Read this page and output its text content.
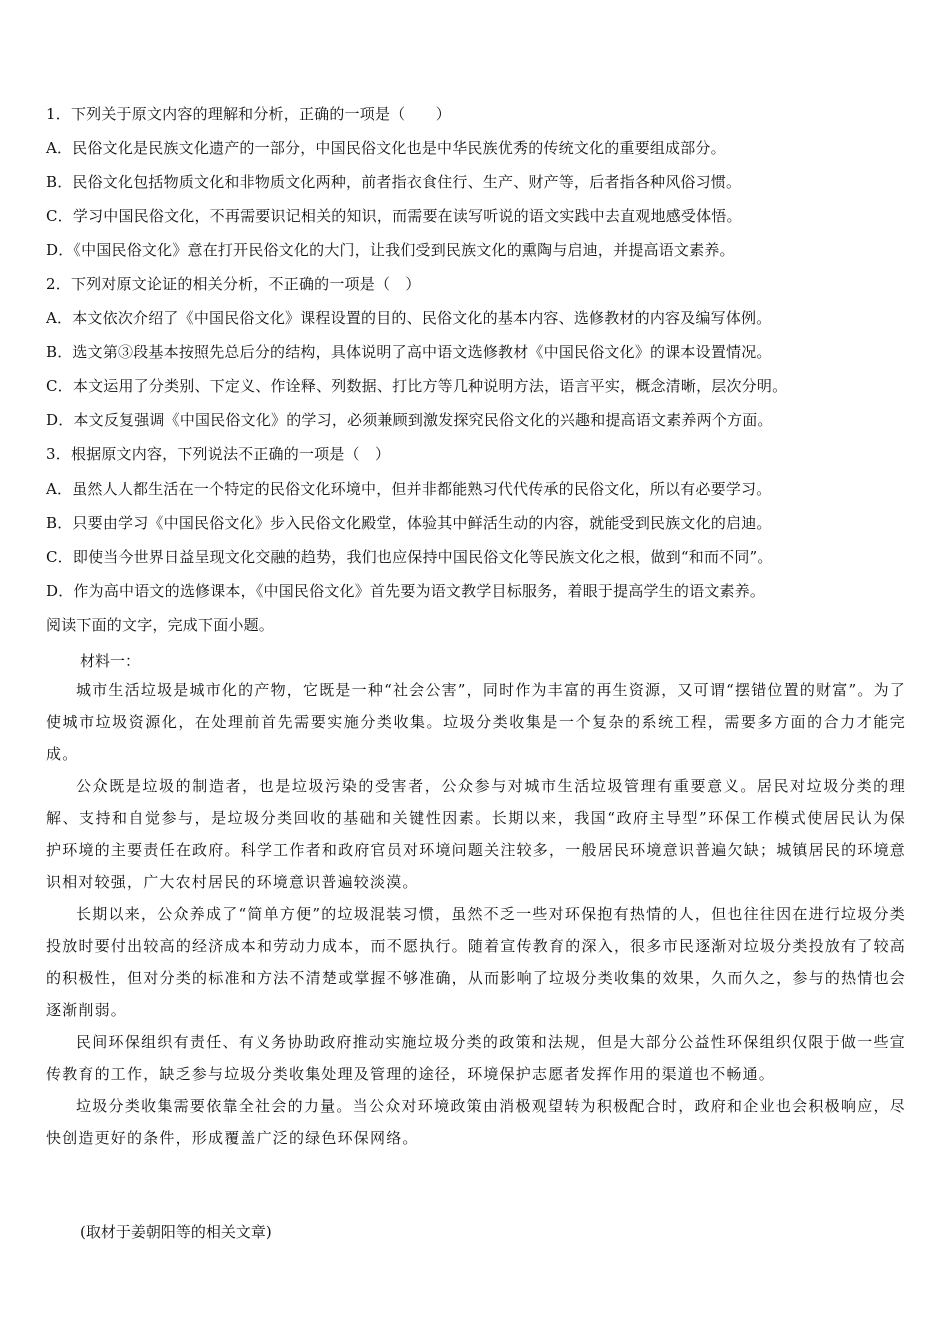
1．下列关于原文内容的理解和分析，正确的一项是（　　）
A．民俗文化是民族文化遗产的一部分，中国民俗文化也是中华民族优秀的传统文化的重要组成部分。
B．民俗文化包括物质文化和非物质文化两种，前者指衣食住行、生产、财产等，后者指各种风俗习惯。
C．学习中国民俗文化，不再需要识记相关的知识，而需要在读写听说的语文实践中去直观地感受体悟。
D．《中国民俗文化》意在打开民俗文化的大门，让我们受到民族文化的熏陶与启迪，并提高语文素养。
2．下列对原文论证的相关分析，不正确的一项是（　）
A．本文依次介绍了《中国民俗文化》课程设置的目的、民俗文化的基本内容、选修教材的内容及编写体例。
B．选文第③段基本按照先总后分的结构，具体说明了高中语文选修教材《中国民俗文化》的课本设置情况。
C．本文运用了分类别、下定义、作诠释、列数据、打比方等几种说明方法，语言平实，概念清晰，层次分明。
D．本文反复强调《中国民俗文化》的学习，必须兼顾到激发探究民俗文化的兴趣和提高语文素养两个方面。
3．根据原文内容，下列说法不正确的一项是（　）
A．虽然人人都生活在一个特定的民俗文化环境中，但并非都能熟习代代传承的民俗文化，所以有必要学习。
B．只要由学习《中国民俗文化》步入民俗文化殿堂，体验其中鲜活生动的内容，就能受到民族文化的启迪。
C．即使当今世界日益呈现文化交融的趋势，我们也应保持中国民俗文化等民族文化之根，做到“和而不同”。
D．作为高中语文的选修课本，《中国民俗文化》首先要为语文教学目标服务，着眼于提高学生的语文素养。
阅读下面的文字，完成下面小题。
材料一：

城市生活垃圾是城市化的产物，它既是一种“社会公害”，同时作为丰富的再生资源，又可谓“摆错位置的财富”。为了使城市垃圾资源化，在处理前首先需要实施分类收集。垃圾分类收集是一个复杂的系统工程，需要多方面的合力才能完成。

公众既是垃圾的制造者，也是垃圾污染的受害者，公众参与对城市生活垃圾管理有重要意义。居民对垃圾分类的理解、支持和自觉参与，是垃圾分类回收的基础和关键性因素。长期以来，我国“政府主导型”环保工作模式使居民认为保护环境的主要责任在政府。科学工作者和政府官员对环境问题关注较多，一般居民环境意识普遍欠缺；城镇居民的环境意识相对较强，广大农村居民的环境意识普遍较淡漠。

长期以来，公众养成了“简单方便”的垃圾混装习惯，虽然不乏一些对环保抱有热情的人，但也往往因在进行垃圾分类投放时要付出较高的经济成本和劳动力成本，而不愿执行。随着宣传教育的深入，很多市民逐渐对垃圾分类投放有了较高的积极性，但对分类的标准和方法不清楚或掌握不够准确，从而影响了垃圾分类收集的效果，久而久之，参与的热情也会逐渐削弱。

民间环保组织有责任、有义务协助政府推动实施垃圾分类的政策和法规，但是大部分公益性环保组织仅限于做一些宣传教育的工作，缺乏参与垃圾分类收集处理及管理的途径，环境保护志愿者发挥作用的渠道也不畅通。

垃圾分类收集需要依靠全社会的力量。当公众对环境政策由消极观望转为积极配合时，政府和企业也会积极响应，尽快创造更好的条件，形成覆盖广泛的绿色环保网络。

(取材于姜朝阳等的相关文章)
